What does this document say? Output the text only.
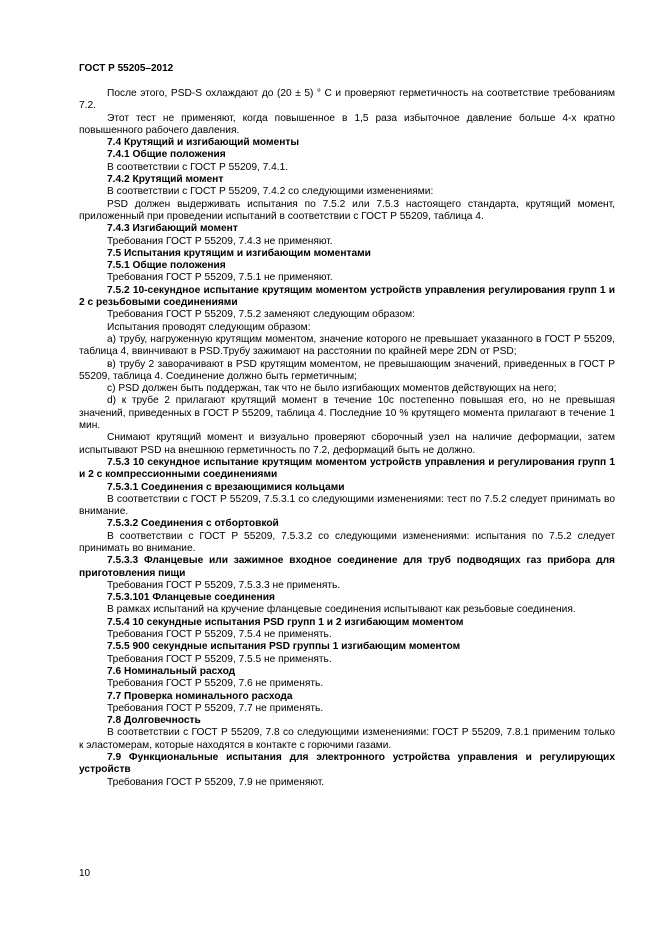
ГОСТ Р 55205–2012

После этого, PSD-S охлаждают до (20 ± 5) ° С и проверяют герметичность на соответствие требованиям 7.2.

Этот тест не применяют, когда повышенное в 1,5 раза избыточное давление больше 4-х кратно повышенного рабочего давления.

7.4 Крутящий и изгибающий моменты

7.4.1 Общие положения

В соответствии с ГОСТ Р 55209, 7.4.1.

7.4.2 Крутящий момент

В соответствии с ГОСТ Р 55209, 7.4.2 со следующими изменениями:

PSD должен выдерживать испытания по 7.5.2 или 7.5.3 настоящего стандарта, крутящий момент, приложенный при проведении испытаний в соответствии с ГОСТ Р 55209, таблица 4.

7.4.3 Изгибающий момент

Требования ГОСТ Р 55209, 7.4.3 не применяют.

7.5 Испытания крутящим и изгибающим моментами

7.5.1 Общие положения

Требования ГОСТ Р 55209, 7.5.1 не применяют.

7.5.2 10-секундное испытание крутящим моментом устройств управления регулирования групп 1 и 2 с резьбовыми соединениями

Требования ГОСТ Р 55209, 7.5.2 заменяют следующим образом:

Испытания проводят следующим образом:

а) трубу, нагруженную крутящим моментом, значение которого не превышает указанного в ГОСТ Р 55209, таблица 4, ввинчивают в PSD.Трубу зажимают на расстоянии по крайней мере 2DN от PSD;

в) трубу 2 заворачивают в PSD крутящим моментом, не превышающим значений, приведенных в ГОСТ Р 55209, таблица 4. Соединение должно быть герметичным;

с) PSD должен быть поддержан, так что не было изгибающих моментов действующих на него;

d) к трубе 2 прилагают крутящий момент в течение 10с постепенно повышая его, но не превышая значений, приведенных в ГОСТ Р 55209, таблица 4. Последние 10 % крутящего момента прилагают в течение 1 мин.

Снимают крутящий момент и визуально проверяют сборочный узел на наличие деформации, затем испытывают PSD на внешнюю герметичность по 7.2, деформаций быть не должно.

7.5.3 10 секундное испытание крутящим моментом устройств управления и регулирования групп 1 и 2 с компрессионными соединениями

7.5.3.1 Соединения с врезающимися кольцами

В соответствии с ГОСТ Р 55209, 7.5.3.1 со следующими изменениями: тест по 7.5.2 следует принимать во внимание.

7.5.3.2 Соединения с отбортовкой

В соответствии с ГОСТ Р 55209, 7.5.3.2 со следующими изменениями: испытания по 7.5.2 следует принимать во внимание.

7.5.3.3 Фланцевые или зажимное входное соединение для труб подводящих газ прибора для приготовления пищи

Требования ГОСТ Р 55209, 7.5.3.3 не применять.

7.5.3.101 Фланцевые соединения

В рамках испытаний на кручение фланцевые соединения испытывают как резьбовые соединения.

7.5.4 10 секундные испытания PSD групп 1 и 2 изгибающим моментом

Требования ГОСТ Р 55209, 7.5.4 не применять.

7.5.5 900 секундные испытания PSD группы 1 изгибающим моментом

Требования ГОСТ Р 55209, 7.5.5 не применять.

7.6 Номинальный расход

Требования ГОСТ Р 55209, 7.6 не применять.

7.7 Проверка номинального расхода

Требования ГОСТ Р 55209, 7.7 не применять.

7.8 Долговечность

В соответствии с ГОСТ Р 55209, 7.8 со следующими изменениями: ГОСТ Р 55209, 7.8.1 применим только к эластомерам, которые находятся в контакте с горючими газами.

7.9 Функциональные испытания для электронного устройства управления и регулирующих устройств

Требования ГОСТ Р 55209, 7.9 не применяют.

10
